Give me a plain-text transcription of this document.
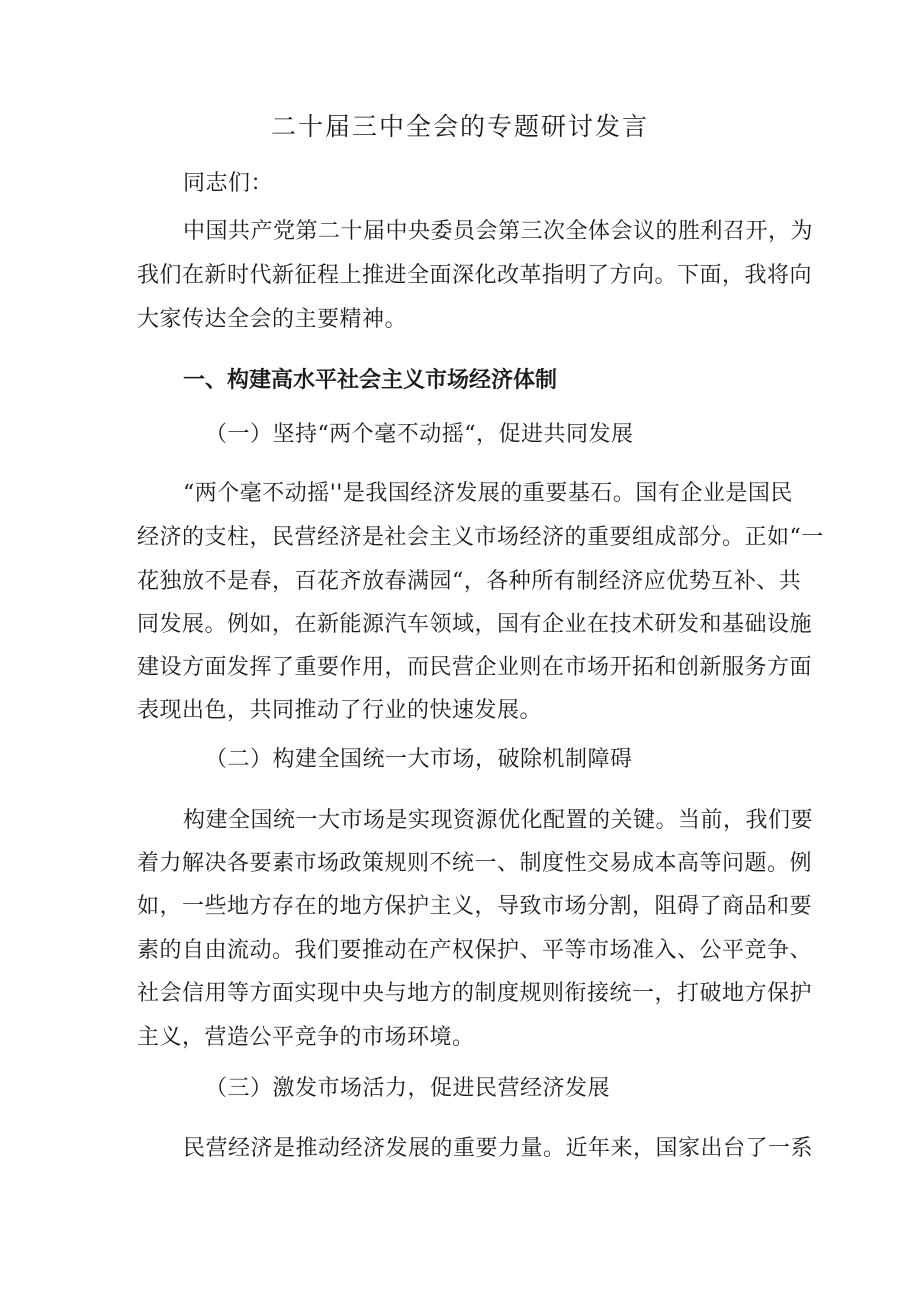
二十届三中全会的专题研讨发言
同志们：
中国共产党第二十届中央委员会第三次全体会议的胜利召开，为
我们在新时代新征程上推进全面深化改革指明了方向。下面，我将向
大家传达全会的主要精神。
一、构建高水平社会主义市场经济体制
（一）坚持“两个毫不动摇“，促进共同发展
“两个毫不动摇''是我国经济发展的重要基石。国有企业是国民
经济的支柱，民营经济是社会主义市场经济的重要组成部分。正如“一
花独放不是春，百花齐放春满园“，各种所有制经济应优势互补、共
同发展。例如，在新能源汽车领域，国有企业在技术研发和基础设施
建设方面发挥了重要作用，而民营企业则在市场开拓和创新服务方面
表现出色，共同推动了行业的快速发展。
（二）构建全国统一大市场，破除机制障碍
构建全国统一大市场是实现资源优化配置的关键。当前，我们要
着力解决各要素市场政策规则不统一、制度性交易成本高等问题。例
如，一些地方存在的地方保护主义，导致市场分割，阻碍了商品和要
素的自由流动。我们要推动在产权保护、平等市场准入、公平竞争、
社会信用等方面实现中央与地方的制度规则衔接统一，打破地方保护
主义，营造公平竞争的市场环境。
（三）激发市场活力，促进民营经济发展
民营经济是推动经济发展的重要力量。近年来，国家出台了一系
